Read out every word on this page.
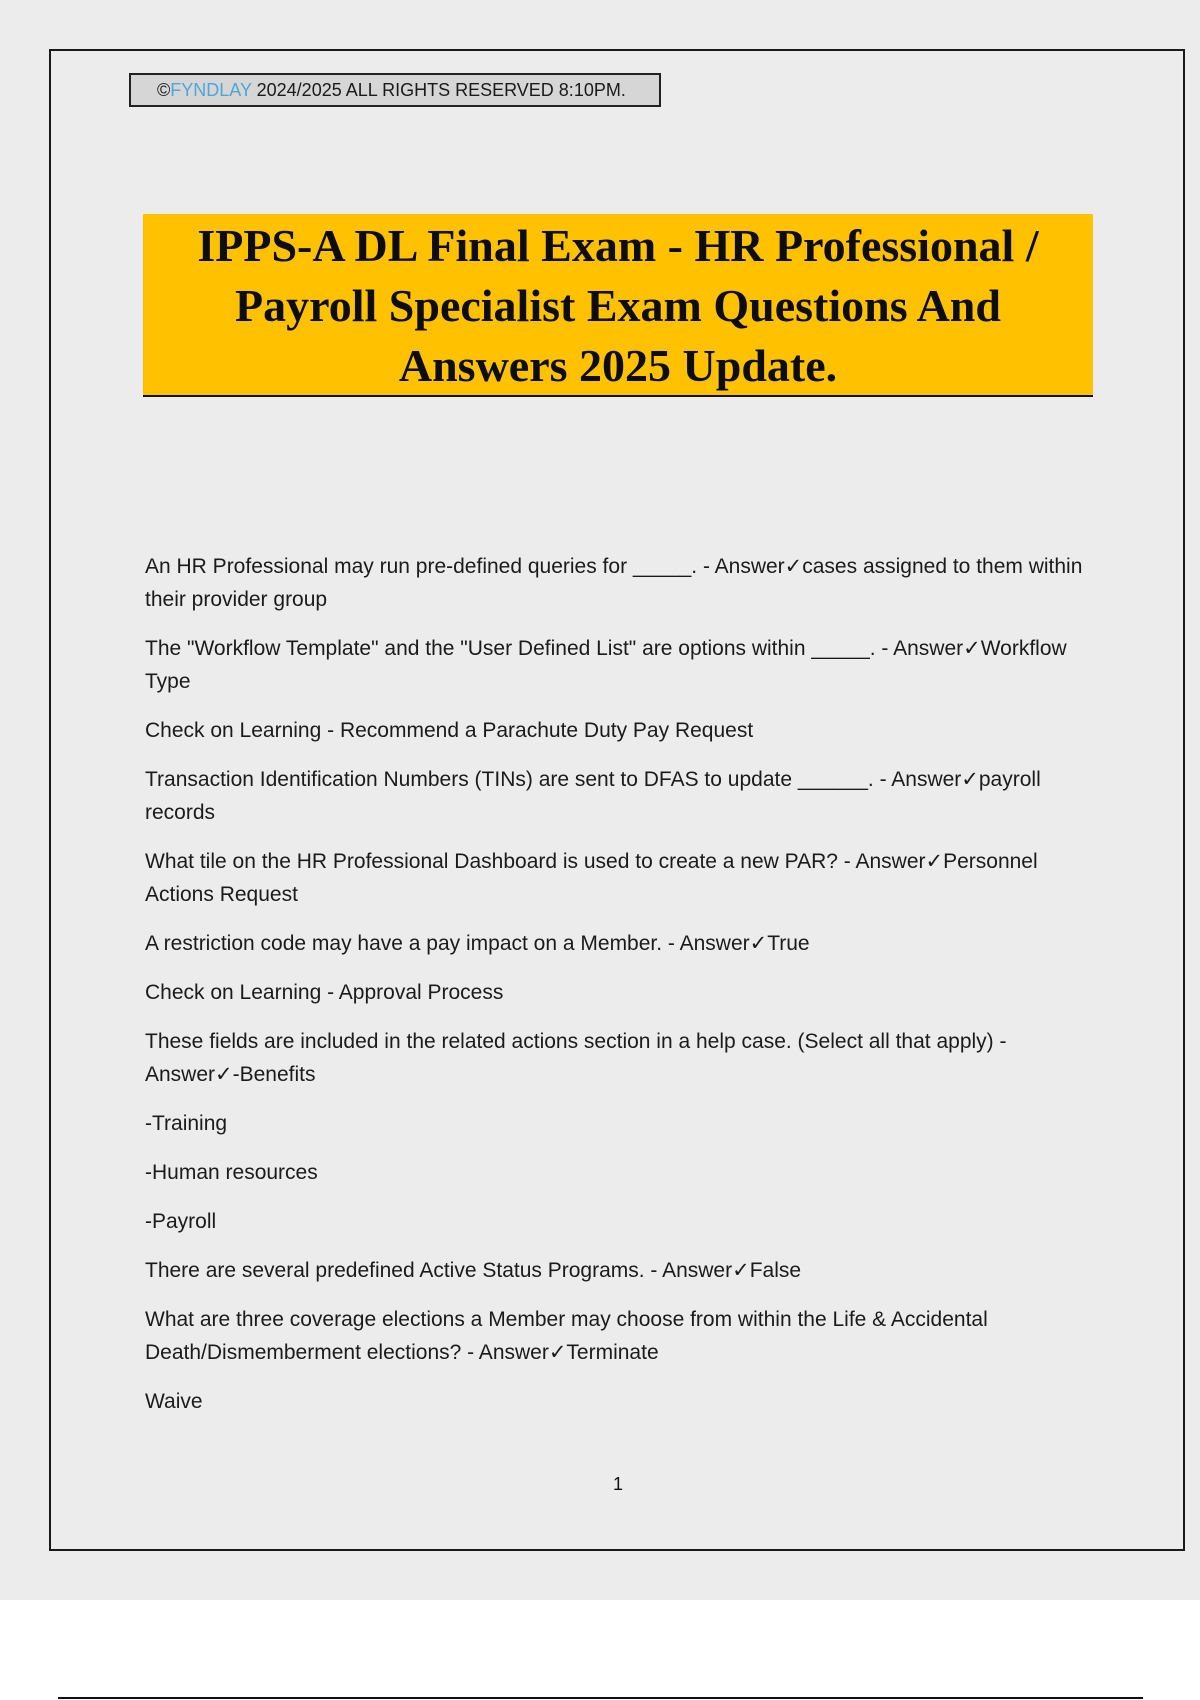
©FYNDLAY 2024/2025 ALL RIGHTS RESERVED 8:10PM.
IPPS-A DL Final Exam - HR Professional /
Payroll Specialist Exam Questions And
Answers 2025 Update.

An HR Professional may run pre-defined queries for _____. - Answer✓cases assigned to them within their provider group

The "Workflow Template" and the "User Defined List" are options within _____. - Answer✓Workflow Type

Check on Learning - Recommend a Parachute Duty Pay Request

Transaction Identification Numbers (TINs) are sent to DFAS to update ______. - Answer✓payroll records

What tile on the HR Professional Dashboard is used to create a new PAR? - Answer✓Personnel Actions Request

A restriction code may have a pay impact on a Member. - Answer✓True

Check on Learning - Approval Process

These fields are included in the related actions section in a help case. (Select all that apply) - Answer✓-Benefits

-Training

-Human resources

-Payroll

There are several predefined Active Status Programs. - Answer✓False

What are three coverage elections a Member may choose from within the Life & Accidental Death/Dismemberment elections? - Answer✓Terminate

Waive

1
